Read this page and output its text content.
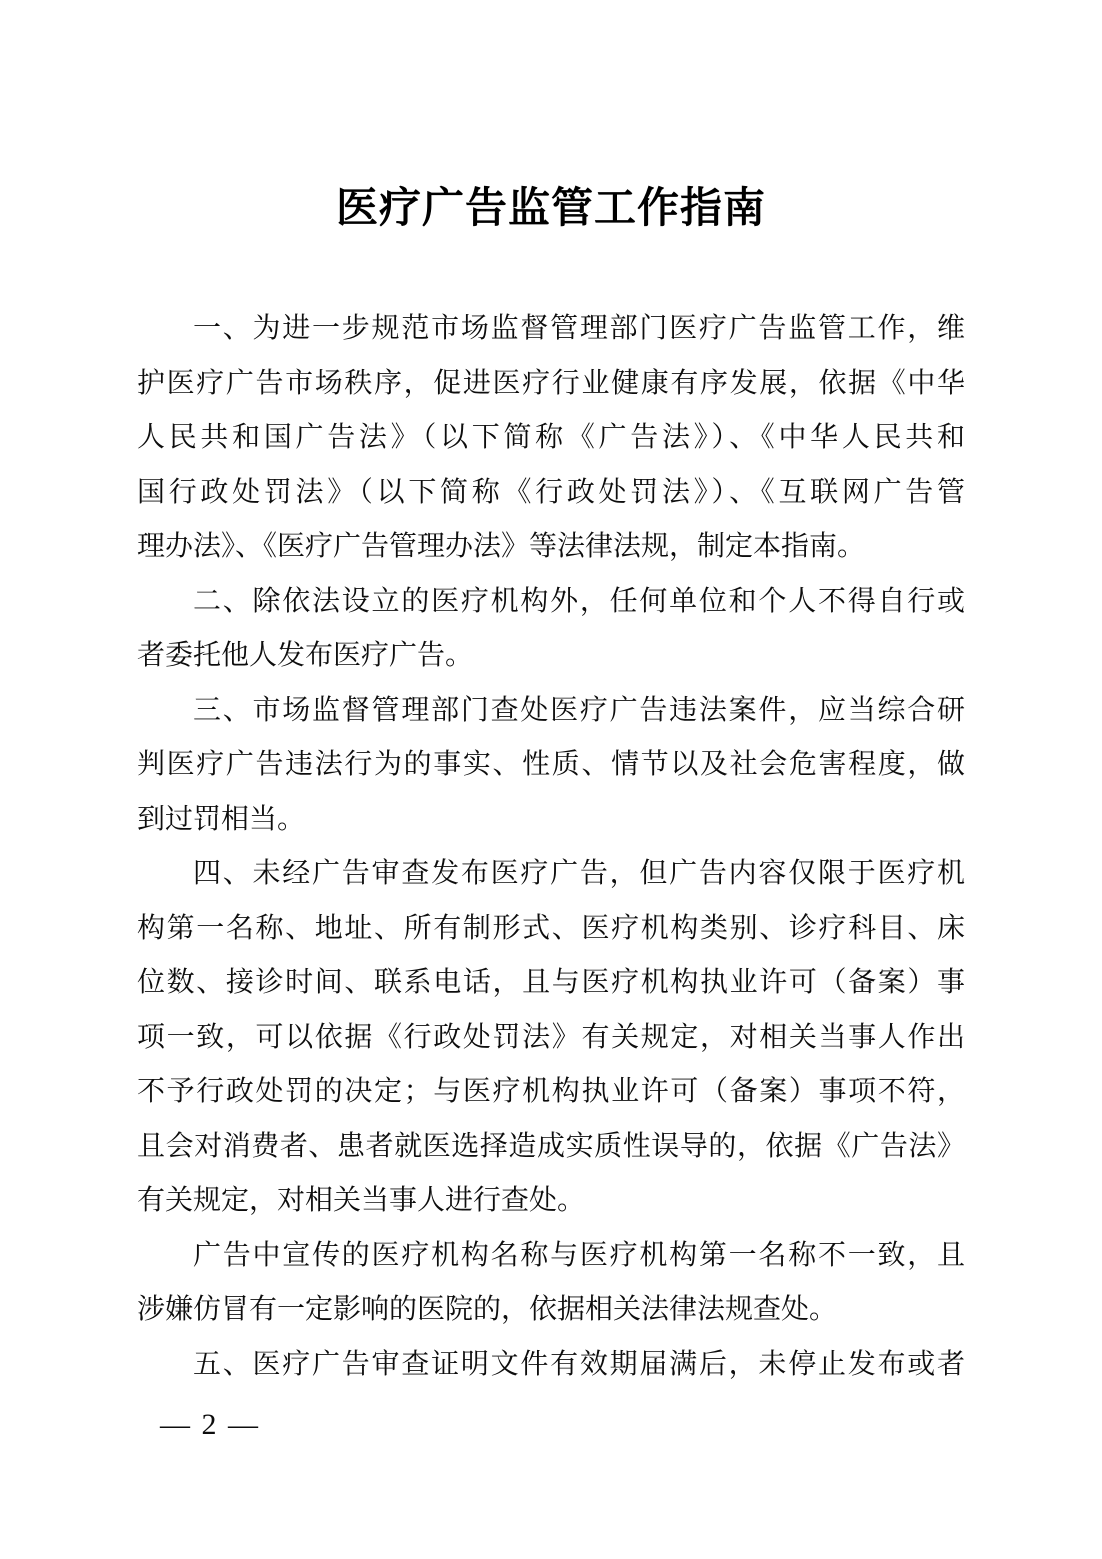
医疗广告监管工作指南
一、为进一步规范市场监督管理部门医疗广告监管工作，维
护医疗广告市场秩序，促进医疗行业健康有序发展，依据《中华
人民共和国广告法》（以下简称《广告法》）、《中华人民共和
国行政处罚法》（以下简称《行政处罚法》）、《互联网广告管
理办法》、《医疗广告管理办法》等法律法规，制定本指南。
二、除依法设立的医疗机构外，任何单位和个人不得自行或
者委托他人发布医疗广告。
三、市场监督管理部门查处医疗广告违法案件，应当综合研
判医疗广告违法行为的事实、性质、情节以及社会危害程度，做
到过罚相当。
四、未经广告审查发布医疗广告，但广告内容仅限于医疗机
构第一名称、地址、所有制形式、医疗机构类别、诊疗科目、床
位数、接诊时间、联系电话，且与医疗机构执业许可（备案）事
项一致，可以依据《行政处罚法》有关规定，对相关当事人作出
不予行政处罚的决定；与医疗机构执业许可（备案）事项不符，
且会对消费者、患者就医选择造成实质性误导的，依据《广告法》
有关规定，对相关当事人进行查处。
广告中宣传的医疗机构名称与医疗机构第一名称不一致，且
涉嫌仿冒有一定影响的医院的，依据相关法律法规查处。
五、医疗广告审查证明文件有效期届满后，未停止发布或者
— 2 —
